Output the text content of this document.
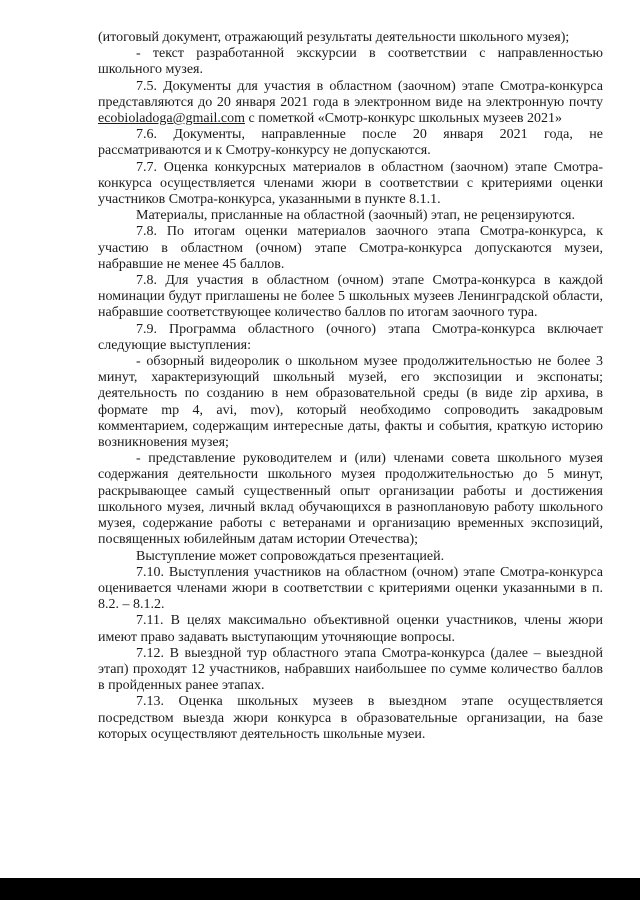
(итоговый документ, отражающий результаты деятельности школьного музея);

- текст разработанной экскурсии в соответствии с направленностью школьного музея.

7.5. Документы для участия в областном (заочном) этапе Смотра-конкурса представляются до 20 января 2021 года в электронном виде на электронную почту ecobioladoga@gmail.com с пометкой «Смотр-конкурс школьных музеев 2021»

7.6. Документы, направленные после 20 января 2021 года, не рассматриваются и к Смотру-конкурсу не допускаются.

7.7. Оценка конкурсных материалов в областном (заочном) этапе Смотра-конкурса осуществляется членами жюри в соответствии с критериями оценки участников Смотра-конкурса, указанными в пункте 8.1.1.

Материалы, присланные на областной (заочный) этап, не рецензируются.

7.8. По итогам оценки материалов заочного этапа Смотра-конкурса, к участию в областном (очном) этапе Смотра-конкурса допускаются музеи, набравшие не менее 45 баллов.

7.8. Для участия в областном (очном) этапе Смотра-конкурса в каждой номинации будут приглашены не более 5 школьных музеев Ленинградской области, набравшие соответствующее количество баллов по итогам заочного тура.

7.9. Программа областного (очного) этапа Смотра-конкурса включает следующие выступления:

- обзорный видеоролик о школьном музее продолжительностью не более 3 минут, характеризующий школьный музей, его экспозиции и экспонаты; деятельность по созданию в нем образовательной среды (в виде zip архива, в формате mp 4, avi, mov), который необходимо сопроводить закадровым комментарием, содержащим интересные даты, факты и события, краткую историю возникновения музея;

- представление руководителем и (или) членами совета школьного музея содержания деятельности школьного музея продолжительностью до 5 минут, раскрывающее самый существенный опыт организации работы и достижения школьного музея, личный вклад обучающихся в разноплановую работу школьного музея, содержание работы с ветеранами и организацию временных экспозиций, посвященных юбилейным датам истории Отечества);

Выступление может сопровождаться презентацией.

7.10. Выступления участников на областном (очном) этапе Смотра-конкурса оценивается членами жюри в соответствии с критериями оценки указанными в п. 8.2. – 8.1.2.

7.11. В целях максимально объективной оценки участников, члены жюри имеют право задавать выступающим уточняющие вопросы.

7.12. В выездной тур областного этапа Смотра-конкурса (далее – выездной этап) проходят 12 участников, набравших наибольшее по сумме количество баллов в пройденных ранее этапах.

7.13. Оценка школьных музеев в выездном этапе осуществляется посредством выезда жюри конкурса в образовательные организации, на базе которых осуществляют деятельность школьные музеи.
